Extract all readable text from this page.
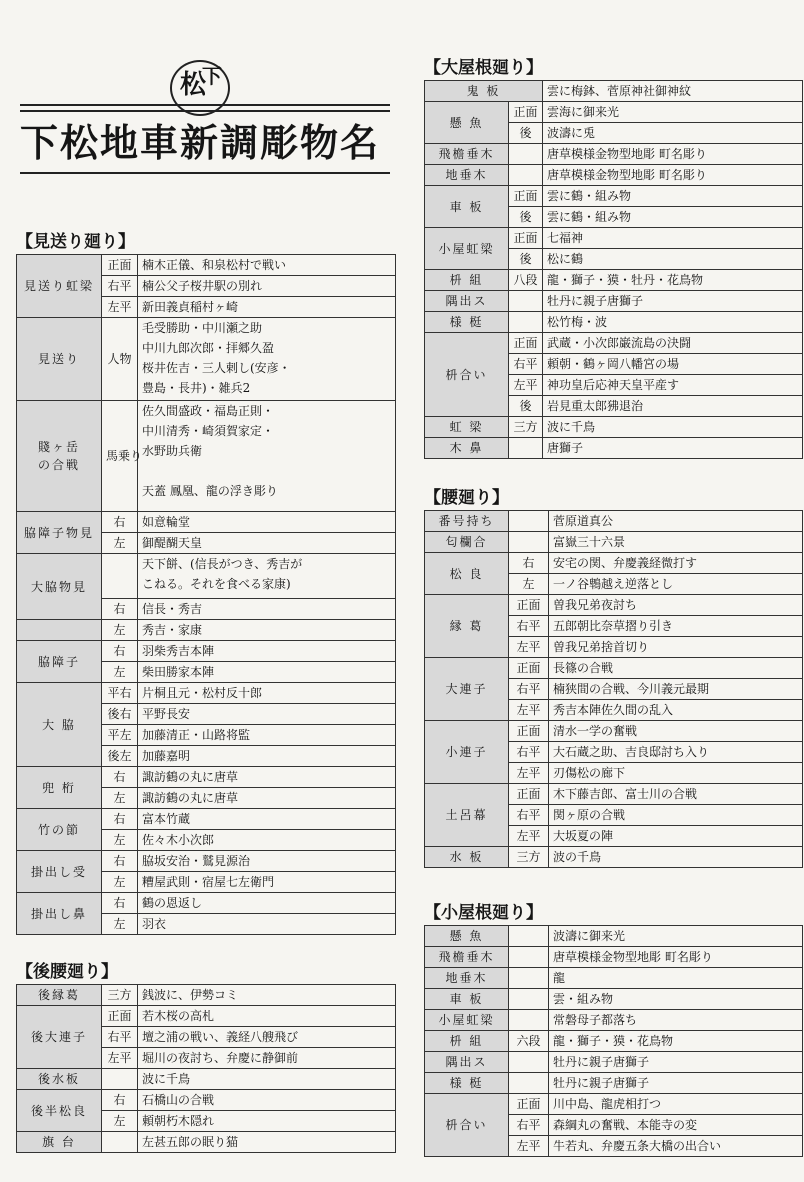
松
下
下松地車新調彫物名
【見送り廻り】
見送り虹梁	正面	楠木正儀、和泉松村で戦い
	右平	楠公父子桜井駅の別れ
	左平	新田義貞稲村ヶ崎
見送り	人物	毛受勝助・中川瀬之助
中川九郎次郎・拝郷久盈
桜井佐吉・三人剌し(安彦・
豊島・長井)・雑兵2
賤ヶ岳
の合戦	馬乗り	佐久間盛政・福島正則・
中川清秀・崎須賀家定・
水野助兵衛

天蓋 鳳凰、龍の浮き彫り
脇障子物見	右	如意輪堂
	左	御醍醐天皇
大脇物見		天下餅、(信長がつき、秀吉が
こねる。それを食べる家康)
	右	信長・秀吉
	左	秀吉・家康
脇障子	右	羽柴秀吉本陣
	左	柴田勝家本陣
大 脇	平右	片桐且元・松村反十郎
	後右	平野長安
	平左	加藤清正・山路将監
	後左	加藤嘉明
兜 桁	右	諏訪鶴の丸に唐草
	左	諏訪鶴の丸に唐草
竹の節	右	富本竹蔵
	左	佐々木小次郎
掛出し受	右	脇坂安治・鷲見源治
	左	糟屋武則・宿屋七左衛門
掛出し鼻	右	鶴の恩返し
	左	羽衣
【後腰廻り】
後縁葛	三方	銭波に、伊勢コミ
後大連子	正面	若木桜の高札
	右平	壇之浦の戦い、義経八艘飛び
	左平	堀川の夜討ち、弁慶に静御前
後水板		波に千鳥
後半松良	右	石橋山の合戦
	左	頼朝朽木隠れ
旗 台		左甚五郎の眠り猫
【大屋根廻り】
鬼 板		雲に梅鉢、菅原神社御神紋
懸 魚	正面	雲海に御来光
	後	波濤に兎
飛檐垂木		唐草模様金物型地彫 町名彫り
地垂木		唐草模様金物型地彫 町名彫り
車 板	正面	雲に鶴・組み物
	後	雲に鶴・組み物
小屋虹梁	正面	七福神
	後	松に鶴
枡 組	八段	龍・獅子・獏・牡丹・花鳥物
隅出ス		牡丹に親子唐獅子
様 梃		松竹梅・波
枡合い	正面	武蔵・小次郎巌流島の決闘
	右平	頼朝・鶴ヶ岡八幡宮の場
	左平	神功皇后応神天皇平産す
	後	岩見重太郎狒退治
虹 梁	三方	波に千鳥
木 鼻		唐獅子
【腰廻り】
番号持ち		菅原道真公
匂欄合		富嶽三十六景
松 良	右	安宅の関、弁慶義経微打す
	左	一ノ谷鵯越え逆落とし
縁 葛	正面	曽我兄弟夜討ち
	右平	五郎朝比奈草摺り引き
	左平	曽我兄弟捨首切り
大連子	正面	長篠の合戦
	右平	楠狭間の合戦、今川義元最期
	左平	秀吉本陣佐久間の乱入
小連子	正面	清水一学の奮戦
	右平	大石蔵之助、吉良邸討ち入り
	左平	刃傷松の廊下
土呂幕	正面	木下藤吉郎、富士川の合戦
	右平	関ヶ原の合戦
	左平	大坂夏の陣
水 板	三方	波の千鳥
【小屋根廻り】
懸 魚		波濤に御来光
飛檐垂木		唐草模様金物型地彫 町名彫り
地垂木		龍
車 板		雲・組み物
小屋虹梁		常磐母子都落ち
枡 組	六段	龍・獅子・獏・花鳥物
隅出ス		牡丹に親子唐獅子
様 梃		牡丹に親子唐獅子
枡合い	正面	川中島、龍虎相打つ
	右平	森綱丸の奮戦、本能寺の変
	左平	牛若丸、弁慶五条大橋の出合い
